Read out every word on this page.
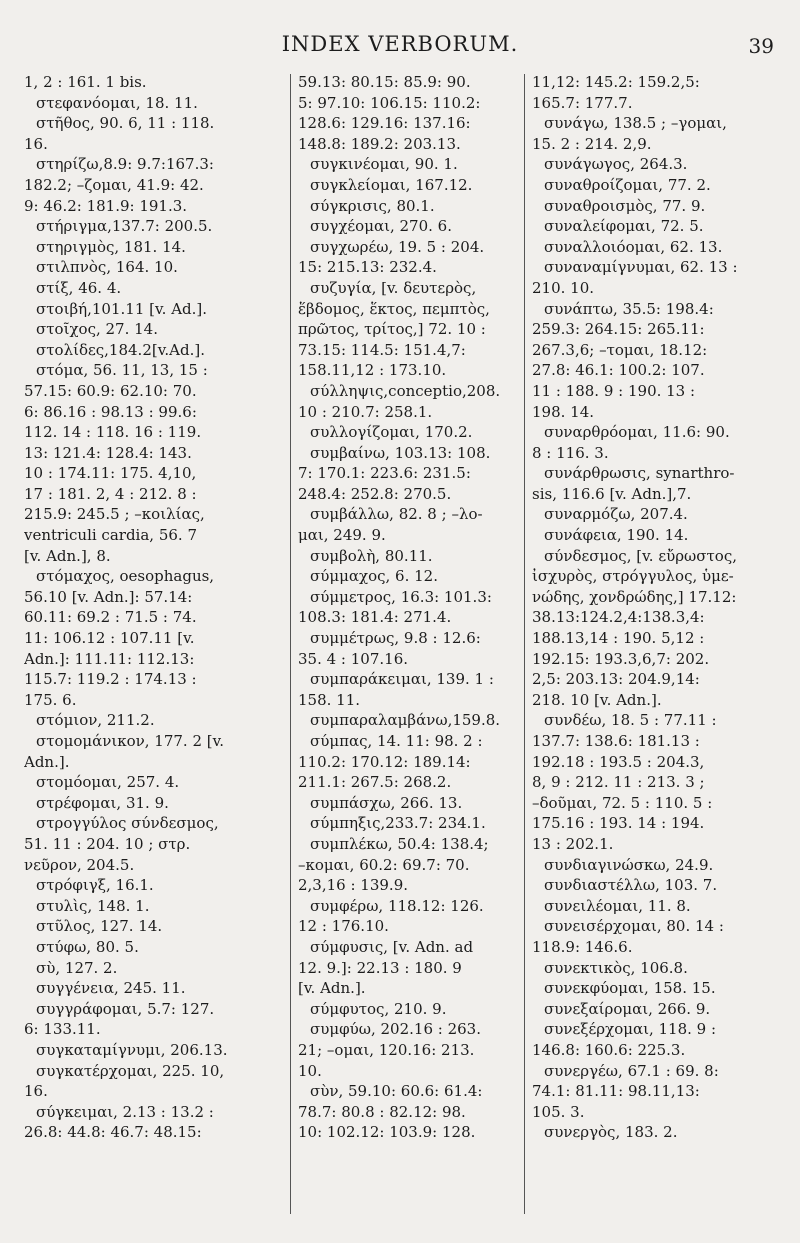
INDEX VERBORUM.	39
1, 2 : 161. 1 bis.
στεφανόομαι, 18. 11.
στῆθος, 90. 6, 11 : 118.
16.
στηρίζω,8.9: 9.7:167.3:
182.2; –ζομαι, 41.9: 42.
9: 46.2: 181.9: 191.3.
στήριγμα,137.7: 200.5.
στηριγμὸς, 181. 14.
στιλπνὸς, 164. 10.
στίξ, 46. 4.
στοιβή,101.11 [v. Ad.].
στοῖχος, 27. 14.
στολίδες,184.2[v.Ad.].
στόμα, 56. 11, 13, 15 :
57.15: 60.9: 62.10: 70.
6: 86.16 : 98.13 : 99.6:
112. 14 : 118. 16 : 119.
13: 121.4: 128.4: 143.
10 : 174.11: 175. 4,10,
17 : 181. 2, 4 : 212. 8 :
215.9: 245.5 ; –κοιλίας,
ventriculi cardia, 56. 7
[v. Adn.], 8.
στόμαχος, oesophagus,
56.10 [v. Adn.]: 57.14:
60.11: 69.2 : 71.5 : 74.
11: 106.12 : 107.11 [v.
Adn.]: 111.11: 112.13:
115.7: 119.2 : 174.13 :
175. 6.
στόμιον, 211.2.
στομομάνικον, 177. 2 [v.
Adn.].
στομόομαι, 257. 4.
στρέφομαι, 31. 9.
στρογγύλος σύνδεσμος,
51. 11 : 204. 10 ; στρ.
νεῦρον, 204.5.
στρόφιγξ, 16.1.
στυλὶς, 148. 1.
στῦλος, 127. 14.
στύφω, 80. 5.
σὺ, 127. 2.
συγγένεια, 245. 11.
συγγράφομαι, 5.7: 127.
6: 133.11.
συγκαταμίγνυμι, 206.13.
συγκατέρχομαι, 225. 10,
16.
σύγκειμαι, 2.13 : 13.2 :
26.8: 44.8: 46.7: 48.15:
59.13: 80.15: 85.9: 90.
5: 97.10: 106.15: 110.2:
128.6: 129.16: 137.16:
148.8: 189.2: 203.13.
συγκινέομαι, 90. 1.
συγκλείομαι, 167.12.
σύγκρισις, 80.1.
συγχέομαι, 270. 6.
συγχωρέω, 19. 5 : 204.
15: 215.13: 232.4.
συζυγία, [v. δευτερὸς,
ἕβδομος, ἕκτος, πεμπτὸς,
πρῶτος, τρίτος,] 72. 10 :
73.15: 114.5: 151.4,7:
158.11,12 : 173.10.
σύλληψις,conceptio,208.
10 : 210.7: 258.1.
συλλογίζομαι, 170.2.
συμβαίνω, 103.13: 108.
7: 170.1: 223.6: 231.5:
248.4: 252.8: 270.5.
συμβάλλω, 82. 8 ; –λο-
μαι, 249. 9.
συμβολὴ, 80.11.
σύμμαχος, 6. 12.
σύμμετρος, 16.3: 101.3:
108.3: 181.4: 271.4.
συμμέτρως, 9.8 : 12.6:
35. 4 : 107.16.
συμπαράκειμαι, 139. 1 :
158. 11.
συμπαραλαμβάνω,159.8.
σύμπας, 14. 11: 98. 2 :
110.2: 170.12: 189.14:
211.1: 267.5: 268.2.
συμπάσχω, 266. 13.
σύμπηξις,233.7: 234.1.
συμπλέκω, 50.4: 138.4;
–κομαι, 60.2: 69.7: 70.
2,3,16 : 139.9.
συμφέρω, 118.12: 126.
12 : 176.10.
σύμφυσις, [v. Adn. ad
12. 9.]: 22.13 : 180. 9
[v. Adn.].
σύμφυτος, 210. 9.
συμφύω, 202.16 : 263.
21; –ομαι, 120.16: 213.
10.
σὺν, 59.10: 60.6: 61.4:
78.7: 80.8 : 82.12: 98.
10: 102.12: 103.9: 128.
11,12: 145.2: 159.2,5:
165.7: 177.7.
συνάγω, 138.5 ; –γομαι,
15. 2 : 214. 2,9.
συνάγωγος, 264.3.
συναθροίζομαι, 77. 2.
συναθροισμὸς, 77. 9.
συναλείφομαι, 72. 5.
συναλλοιόομαι, 62. 13.
συναναμίγνυμαι, 62. 13 :
210. 10.
συνάπτω, 35.5: 198.4:
259.3: 264.15: 265.11:
267.3,6; –τομαι, 18.12:
27.8: 46.1: 100.2: 107.
11 : 188. 9 : 190. 13 :
198. 14.
συναρθρόομαι, 11.6: 90.
8 : 116. 3.
συνάρθρωσις, synarthro-
sis, 116.6 [v. Adn.],7.
συναρμόζω, 207.4.
συνάφεια, 190. 14.
σύνδεσμος, [v. εὔρωστος,
ἰσχυρὸς, στρόγγυλος, ὑμε-
νώδης, χονδρώδης,] 17.12:
38.13:124.2,4:138.3,4:
188.13,14 : 190. 5,12 :
192.15: 193.3,6,7: 202.
2,5: 203.13: 204.9,14:
218. 10 [v. Adn.].
συνδέω, 18. 5 : 77.11 :
137.7: 138.6: 181.13 :
192.18 : 193.5 : 204.3,
8, 9 : 212. 11 : 213. 3 ;
–δοῦμαι, 72. 5 : 110. 5 :
175.16 : 193. 14 : 194.
13 : 202.1.
συνδιαγινώσκω, 24.9.
συνδιαστέλλω, 103. 7.
συνειλέομαι, 11. 8.
συνεισέρχομαι, 80. 14 :
118.9: 146.6.
συνεκτικὸς, 106.8.
συνεκφύομαι, 158. 15.
συνεξαίρομαι, 266. 9.
συνεξέρχομαι, 118. 9 :
146.8: 160.6: 225.3.
συνεργέω, 67.1 : 69. 8:
74.1: 81.11: 98.11,13:
105. 3.
συνεργὸς, 183. 2.
